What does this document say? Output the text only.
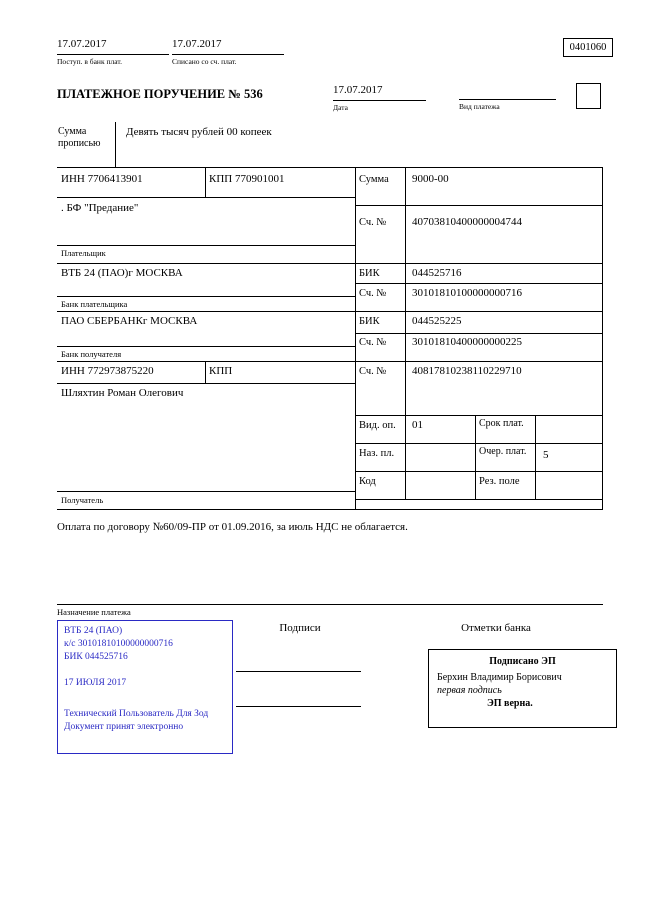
17.07.2017
Поступ. в банк плат.
17.07.2017
Списано со сч. плат.
0401060
ПЛАТЕЖНОЕ ПОРУЧЕНИЕ № 536	17.07.2017
Дата	Вид платежа
Сумма прописью
Девять тысяч рублей 00 копеек
ИНН 7706413901	КПП 770901001	Сумма 9000-00
. БФ "Предание"
Сч. № 40703810400000004744
Плательщик
ВТБ 24 (ПАО)г МОСКВА	БИК	044525716
Сч. № 30101810100000000716
Банк плательщика
ПАО СБЕРБАНКг МОСКВА	БИК	044525225
Сч. № 30101810400000000225
Банк получателя
ИНН 772973875220	КПП	Сч. № 40817810238110229710
Шляхтин Роман Олегович
Получатель
Вид. оп. 01	Срок плат.
Наз. пл.	Очер. плат.	5
Код	Рез. поле
Оплата по договору №60/09-ПР от 01.09.2016, за июль НДС не облагается.
Назначение платежа
Подписи	Отметки банка
ВТБ 24 (ПАО)
к/с 30101810100000000716
БИК 044525716
17 ИЮЛЯ 2017
Технический Пользователь Для Зод
Документ принят электронно
Подписано ЭП
Берхин Владимир Борисович
первая подпись
ЭП верна.
